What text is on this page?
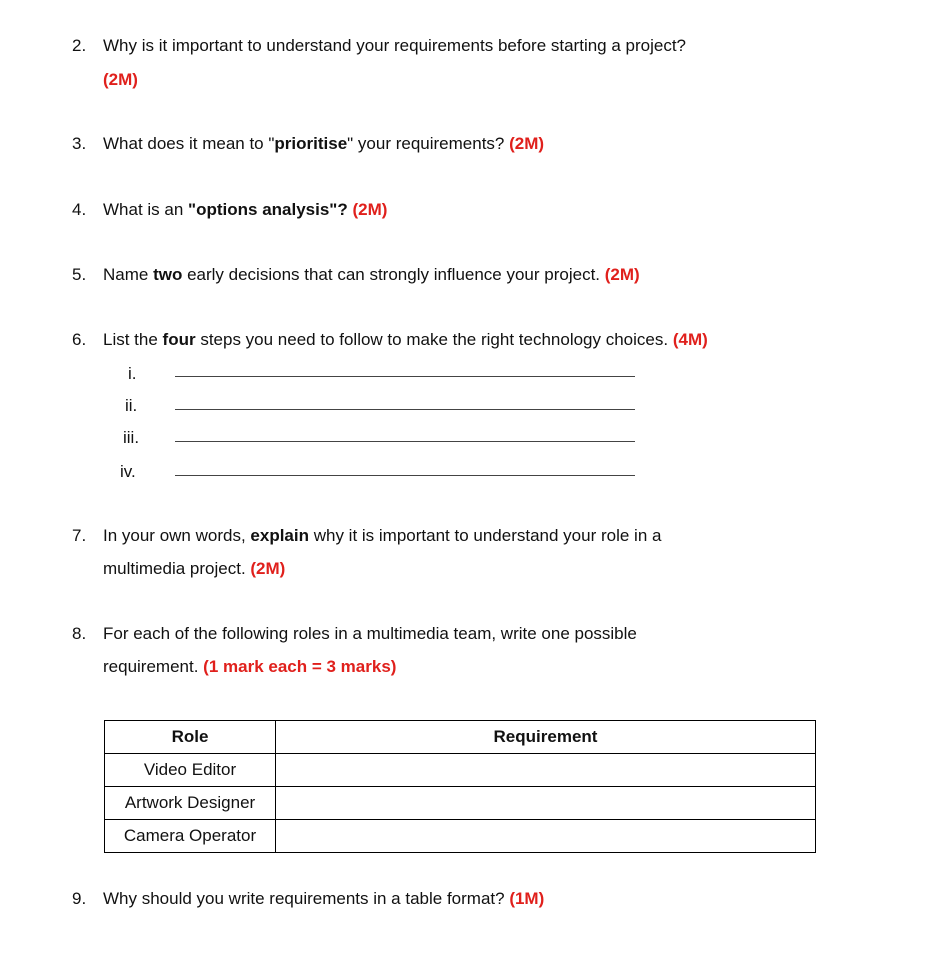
2. Why is it important to understand your requirements before starting a project?
(2M)
3. What does it mean to "prioritise" your requirements? (2M)
4. What is an "options analysis"? (2M)
5. Name two early decisions that can strongly influence your project. (2M)
6. List the four steps you need to follow to make the right technology choices. (4M)
i.
ii.
iii.
iv.
7. In your own words, explain why it is important to understand your role in a
multimedia project. (2M)
8. For each of the following roles in a multimedia team, write one possible
requirement. (1 mark each = 3 marks)
Role	Requirement
Video Editor	
Artwork Designer	
Camera Operator	
9. Why should you write requirements in a table format? (1M)
